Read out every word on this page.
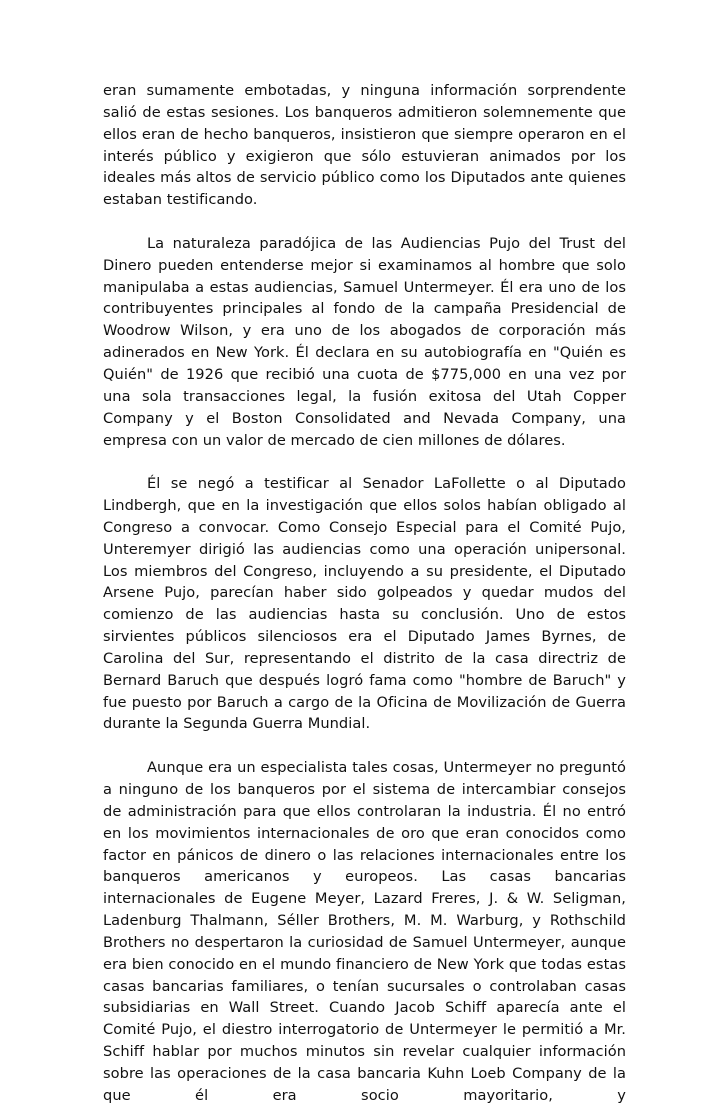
eran sumamente embotadas, y ninguna información sorprendente salió de estas sesiones. Los banqueros admitieron solemnemente que ellos eran de hecho banqueros, insistieron que siempre operaron en el interés público y exigieron que sólo estuvieran animados por los ideales más altos de servicio público como los Diputados ante quienes estaban testificando.

La naturaleza paradójica de las Audiencias Pujo del Trust del Dinero pueden entenderse mejor si examinamos al hombre que solo manipulaba a estas audiencias, Samuel Untermeyer. Él era uno de los contribuyentes principales al fondo de la campaña Presidencial de Woodrow Wilson, y era uno de los abogados de corporación más adinerados en New York. Él declara en su autobiografía en "Quién es Quién" de 1926 que recibió una cuota de $775,000 en una vez por una sola transacciones legal, la fusión exitosa del Utah Copper Company y el Boston Consolidated and Nevada Company, una empresa con un valor de mercado de cien millones de dólares.

Él se negó a testificar al Senador LaFollette o al Diputado Lindbergh, que en la investigación que ellos solos habían obligado al Congreso a convocar. Como Consejo Especial para el Comité Pujo, Unteremyer dirigió las audiencias como una operación unipersonal. Los miembros del Congreso, incluyendo a su presidente, el Diputado Arsene Pujo, parecían haber sido golpeados y quedar mudos del comienzo de las audiencias hasta su conclusión. Uno de estos sirvientes públicos silenciosos era el Diputado James Byrnes, de Carolina del Sur, representando el distrito de la casa directriz de Bernard Baruch que después logró fama como "hombre de Baruch" y fue puesto por Baruch a cargo de la Oficina de Movilización de Guerra durante la Segunda Guerra Mundial.

Aunque era un especialista tales cosas, Untermeyer no preguntó a ninguno de los banqueros por el sistema de intercambiar consejos de administración para que ellos controlaran la industria. Él no entró en los movimientos internacionales de oro que eran conocidos como factor en pánicos de dinero o las relaciones internacionales entre los banqueros americanos y europeos. Las casas bancarias internacionales de Eugene Meyer, Lazard Freres, J. & W. Seligman, Ladenburg Thalmann, Séller Brothers, M. M. Warburg, y Rothschild Brothers no despertaron la curiosidad de Samuel Untermeyer, aunque era bien conocido en el mundo financiero de New York que todas estas casas bancarias familiares, o tenían sucursales o controlaban casas subsidiarias en Wall Street. Cuando Jacob Schiff aparecía ante el Comité Pujo, el diestro interrogatorio de Untermeyer le permitió a Mr. Schiff hablar por muchos minutos sin revelar cualquier información sobre las operaciones de la casa bancaria Kuhn Loeb Company de la que él era socio mayoritario, y
